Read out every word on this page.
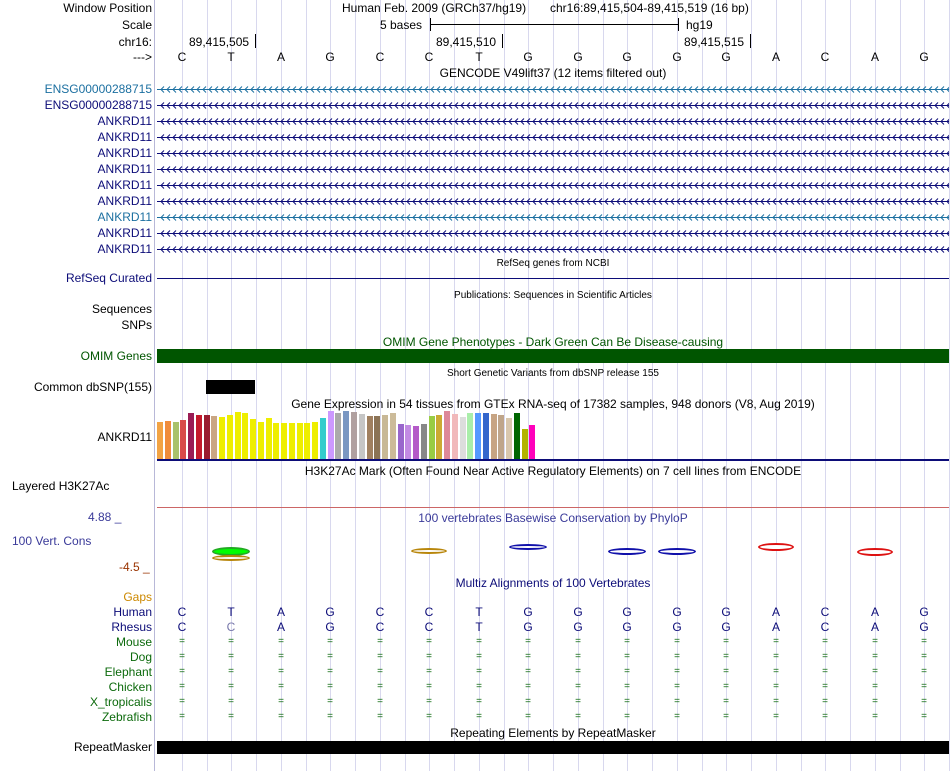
Window Position	Human Feb. 2009 (GRCh37/hg19) chr16:89,415,504-89,415,519 (16 bp)
Scale	5 bases	hg19
chr16:	89,415,505	89,415,510	89,415,515
--->	C	T	A	G	C	C	T	G	G	G	G	G	A	C	A	G
GENCODE V49lift37 (12 items filtered out)
ENSG00000288715
ENSG00000288715
ANKRD11
ANKRD11
ANKRD11
ANKRD11
ANKRD11
ANKRD11
ANKRD11
ANKRD11
ANKRD11
RefSeq genes from NCBI
RefSeq Curated
Publications: Sequences in Scientific Articles
Sequences
SNPs
OMIM Gene Phenotypes - Dark Green Can Be Disease-causing
OMIM Genes
Short Genetic Variants from dbSNP release 155
Common dbSNP(155)
Gene Expression in 54 tissues from GTEx RNA-seq of 17382 samples, 948 donors (V8, Aug 2019)
ANKRD11
H3K27Ac Mark (Often Found Near Active Regulatory Elements) on 7 cell lines from ENCODE
Layered H3K27Ac
100 vertebrates Basewise Conservation by PhyloP
4.88 _
100 Vert. Cons
-4.5 _
Multiz Alignments of 100 Vertebrates
Gaps
Human	C	T	A	G	C	C	T	G	G	G	G	G	A	C	A	G
Rhesus	C	C	A	G	C	C	T	G	G	G	G	G	A	C	A	G
Mouse	=	=	=	=	=	=	=	=	=	=	=	=	=	=	=	=
Dog	=	=	=	=	=	=	=	=	=	=	=	=	=	=	=	=
Elephant	=	=	=	=	=	=	=	=	=	=	=	=	=	=	=	=
Chicken	=	=	=	=	=	=	=	=	=	=	=	=	=	=	=	=
X_tropicalis	=	=	=	=	=	=	=	=	=	=	=	=	=	=	=	=
Zebrafish	=	=	=	=	=	=	=	=	=	=	=	=	=	=	=	=
Repeating Elements by RepeatMasker
RepeatMasker
